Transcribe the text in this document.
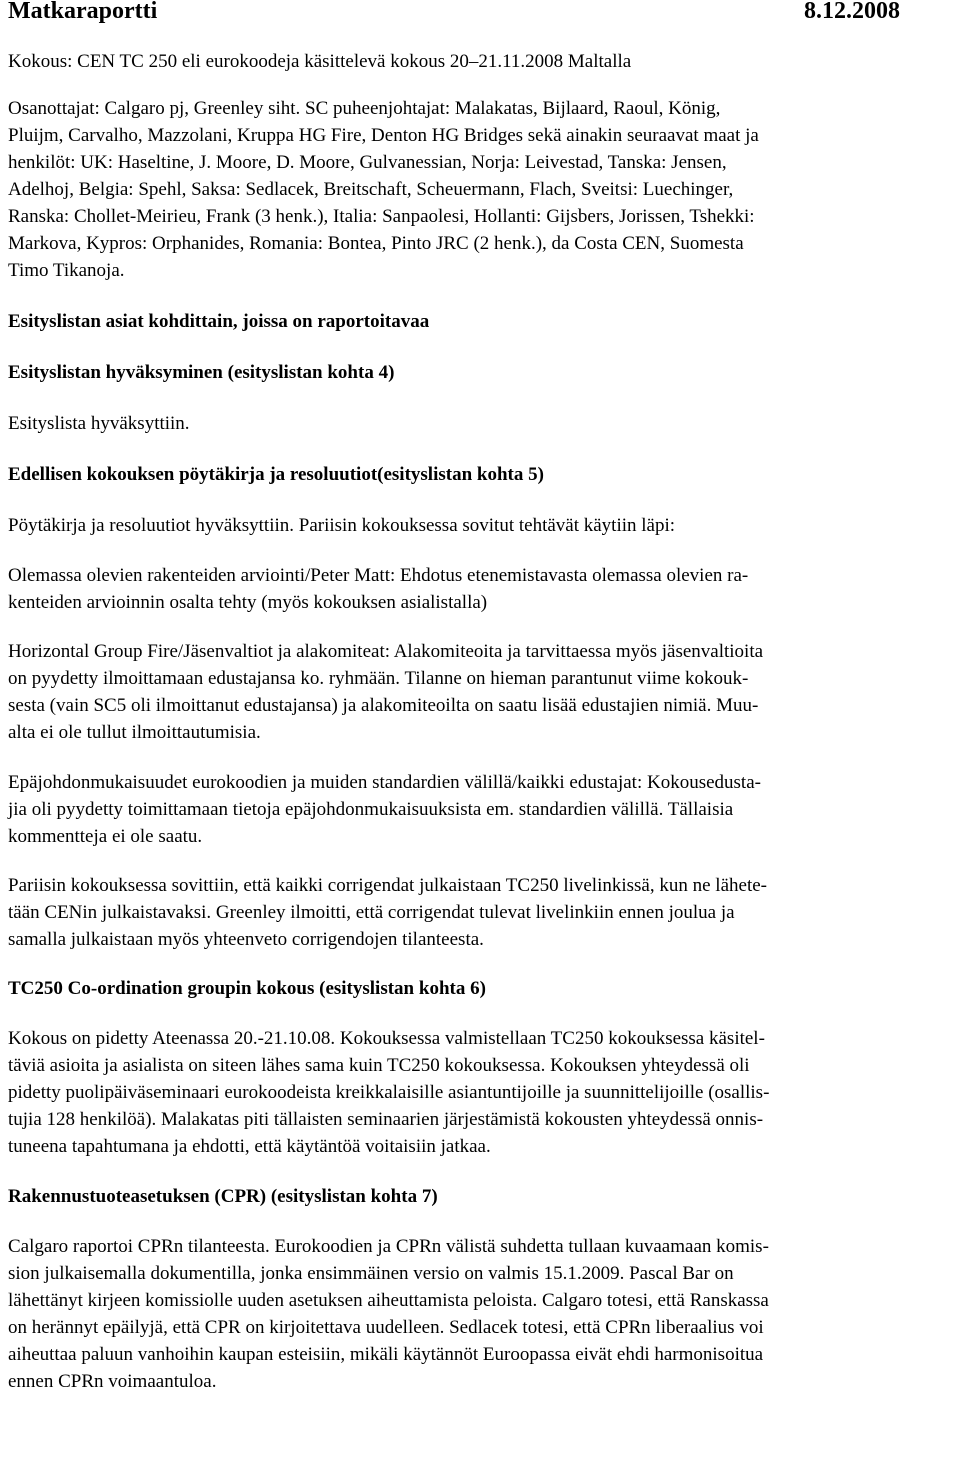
Matkaraportti	8.12.2008

Kokous: CEN TC 250 eli eurokoodeja käsittelevä kokous 20–21.11.2008 Maltalla

Osanottajat: Calgaro pj, Greenley siht. SC puheenjohtajat: Malakatas, Bijlaard, Raoul, König,

Pluijm, Carvalho, Mazzolani, Kruppa HG Fire, Denton HG Bridges sekä ainakin seuraavat maat ja

henkilöt: UK: Haseltine, J. Moore, D. Moore, Gulvanessian, Norja: Leivestad, Tanska: Jensen,

Adelhoj, Belgia: Spehl, Saksa: Sedlacek, Breitschaft, Scheuermann, Flach, Sveitsi: Luechinger,

Ranska: Chollet-Meirieu, Frank (3 henk.), Italia: Sanpaolesi, Hollanti: Gijsbers, Jorissen, Tshekki:

Markova, Kypros: Orphanides, Romania: Bontea, Pinto JRC (2 henk.), da Costa CEN, Suomesta

Timo Tikanoja.

Esityslistan asiat kohdittain, joissa on raportoitavaa

Esityslistan hyväksyminen (esityslistan kohta 4)

Esityslista hyväksyttiin.

Edellisen kokouksen pöytäkirja ja resoluutiot(esityslistan kohta 5)

Pöytäkirja ja resoluutiot hyväksyttiin. Pariisin kokouksessa sovitut tehtävät käytiin läpi:

Olemassa olevien rakenteiden arviointi/Peter Matt: Ehdotus etenemistavasta olemassa olevien ra-

kenteiden arvioinnin osalta tehty (myös kokouksen asialistalla)

Horizontal Group Fire/Jäsenvaltiot ja alakomiteat: Alakomiteoita ja tarvittaessa myös jäsenvaltioita

on pyydetty ilmoittamaan edustajansa ko. ryhmään. Tilanne on hieman parantunut viime kokouk-

sesta (vain SC5 oli ilmoittanut edustajansa) ja alakomiteoilta on saatu lisää edustajien nimiä. Muu-

alta ei ole tullut ilmoittautumisia.

Epäjohdonmukaisuudet eurokoodien ja muiden standardien välillä/kaikki edustajat: Kokousedusta-

jia oli pyydetty toimittamaan tietoja epäjohdonmukaisuuksista em. standardien välillä. Tällaisia

kommentteja ei ole saatu.

Pariisin kokouksessa sovittiin, että kaikki corrigendat julkaistaan TC250 livelinkissä, kun ne lähete-

tään CENin julkaistavaksi. Greenley ilmoitti, että corrigendat tulevat livelinkiin ennen joulua ja

samalla julkaistaan myös yhteenveto corrigendojen tilanteesta.

TC250 Co-ordination groupin kokous (esityslistan kohta 6)

Kokous on pidetty Ateenassa 20.-21.10.08. Kokouksessa valmistellaan TC250 kokouksessa käsitel-

täviä asioita ja asialista on siteen lähes sama kuin TC250 kokouksessa. Kokouksen yhteydessä oli

pidetty puolipäiväseminaari eurokoodeista kreikkalaisille asiantuntijoille ja suunnittelijoille (osallis-

tujia 128 henkilöä). Malakatas piti tällaisten seminaarien järjestämistä kokousten yhteydessä onnis-

tuneena tapahtumana ja ehdotti, että käytäntöä voitaisiin jatkaa.

Rakennustuoteasetuksen (CPR) (esityslistan kohta 7)

Calgaro raportoi CPRn tilanteesta. Eurokoodien ja CPRn välistä suhdetta tullaan kuvaamaan komis-

sion julkaisemalla dokumentilla, jonka ensimmäinen versio on valmis 15.1.2009. Pascal Bar on

lähettänyt kirjeen komissiolle uuden asetuksen aiheuttamista peloista. Calgaro totesi, että Ranskassa

on herännyt epäilyjä, että CPR on kirjoitettava uudelleen. Sedlacek totesi, että CPRn liberaalius voi

aiheuttaa paluun vanhoihin kaupan esteisiin, mikäli käytännöt Euroopassa eivät ehdi harmonisoitua

ennen CPRn voimaantuloa.
